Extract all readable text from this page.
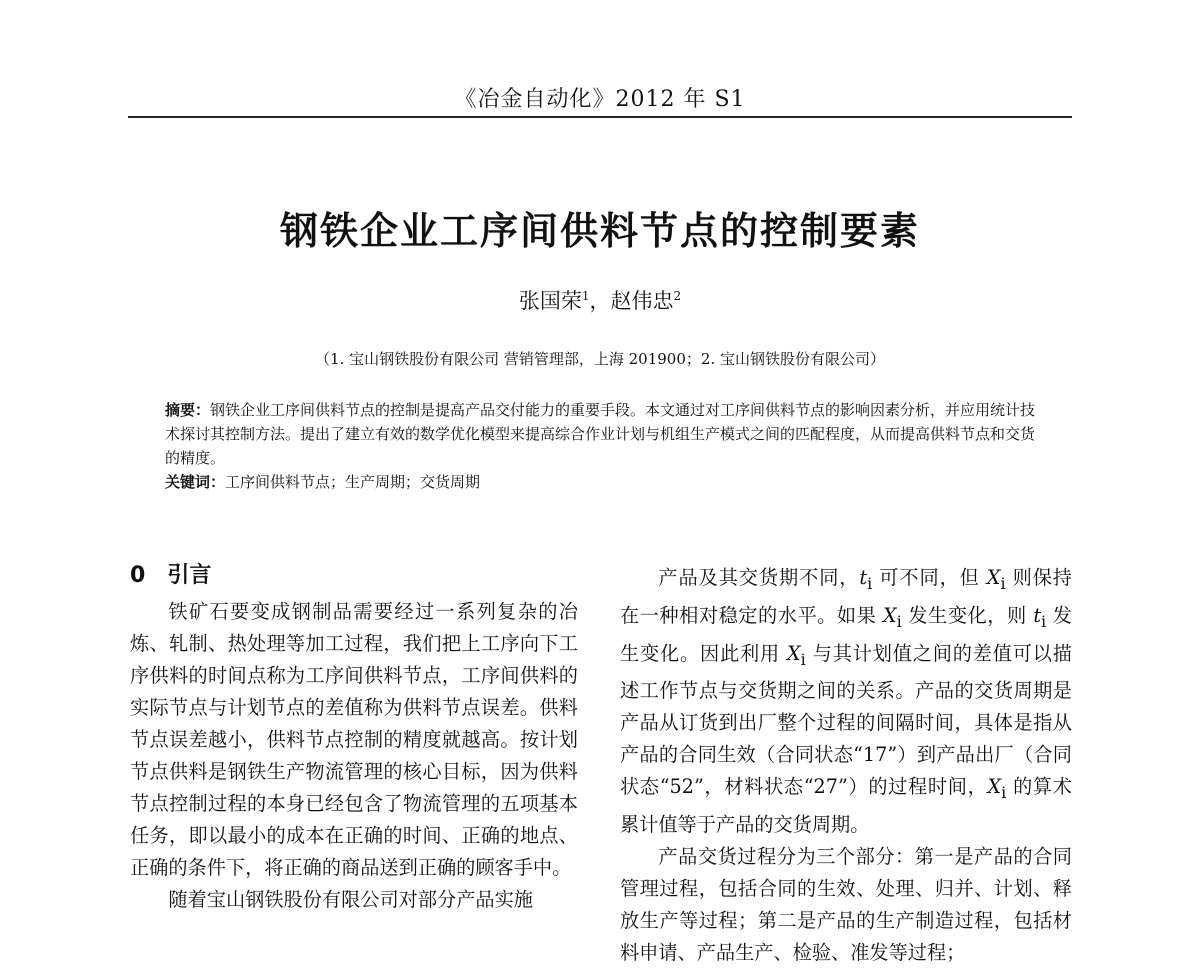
《冶金自动化》2012 年 S1
钢铁企业工序间供料节点的控制要素
张国荣$^1$，赵伟忠$^2$
（1. 宝山钢铁股份有限公司 营销管理部，上海 201900；2. 宝山钢铁股份有限公司）

摘要：钢铁企业工序间供料节点的控制是提高产品交付能力的重要手段。本文通过对工序间供料节点的影响因素分析，并应用统计技术探讨其控制方法。提出了建立有效的数学优化模型来提高综合作业计划与机组生产模式之间的匹配程度，从而提高供料节点和交货的精度。

关键词：工序间供料节点；生产周期；交货周期

0 引言

铁矿石要变成钢制品需要经过一系列复杂的冶炼、轧制、热处理等加工过程，我们把上工序向下工序供料的时间点称为工序间供料节点，工序间供料的实际节点与计划节点的差值称为供料节点误差。供料节点误差越小，供料节点控制的精度就越高。按计划节点供料是钢铁生产物流管理的核心目标，因为供料节点控制过程的本身已经包含了物流管理的五项基本任务，即以最小的成本在正确的时间、正确的地点、正确的条件下，将正确的商品送到正确的顾客手中。

随着宝山钢铁股份有限公司对部分产品实施

产品及其交货期不同，$t_i$ 可不同，但 $X_i$ 则保持在一种相对稳定的水平。如果 $X_i$ 发生变化，则 $t_i$ 发生变化。因此利用 $X_i$ 与其计划值之间的差值可以描述工作节点与交货期之间的关系。产品的交货周期是产品从订货到出厂整个过程的间隔时间，具体是指从产品的合同生效（合同状态“17”）到产品出厂（合同状态“52”，材料状态“27”）的过程时间，$X_i$ 的算术累计值等于产品的交货周期。

产品交货过程分为三个部分：第一是产品的合同管理过程，包括合同的生效、处理、归并、计划、释放生产等过程；第二是产品的生产制造过程，包括材料申请、产品生产、检验、准发等过程；
